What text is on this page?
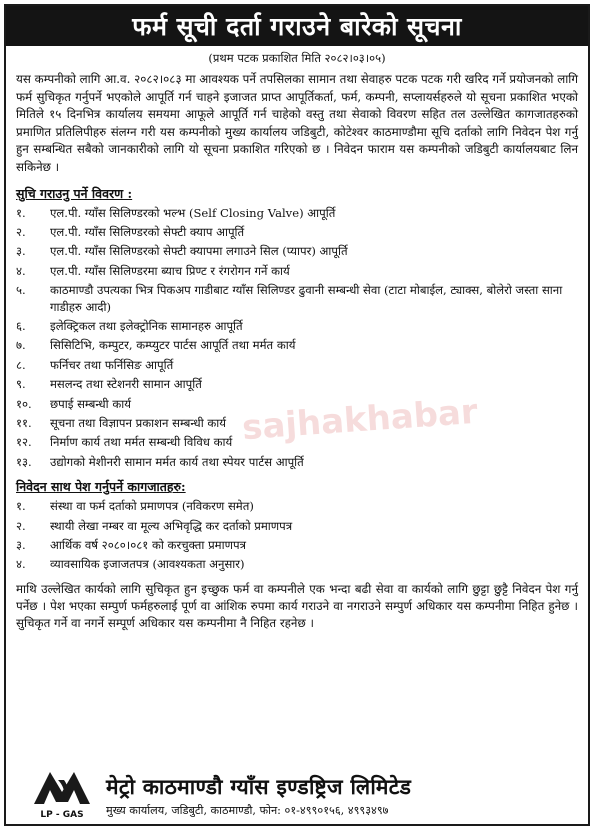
फर्म सूची दर्ता गराउने बारेको सूचना
(प्रथम पटक प्रकाशित मिति २०८२।०३।०५)

यस कम्पनीको लागि आ.व. २०८२।०८३ मा आवश्यक पर्ने तपसिलका सामान तथा सेवाहरु पटक पटक गरी खरिद गर्ने प्रयोजनको लागि फर्म सुचिकृत गर्नुपर्ने भएकोले आपूर्ति गर्न चाहने इजाजत प्राप्त आपूर्तिकर्ता, फर्म, कम्पनी, सप्लायर्सहरुले यो सूचना प्रकाशित भएको मितिले १५ दिनभित्र कार्यालय समयमा आफूले आपूर्ति गर्न चाहेको वस्तु तथा सेवाको विवरण सहित तल उल्लेखित कागजातहरुको प्रमाणित प्रतिलिपीहरु संलग्न गरी यस कम्पनीको मुख्य कार्यालय जडिबुटी, कोटेश्वर काठमाण्डौमा सूचि दर्ताको लागि निवेदन पेश गर्नु हुन सम्बन्धित सबैको जानकारीको लागि यो सूचना प्रकाशित गरिएको छ । निवेदन फाराम यस कम्पनीको जडिबुटी कार्यालयबाट लिन सकिनेछ ।

सुचि गराउनु पर्ने विवरण :
१.	एल.पी. ग्याँस सिलिण्डरको भल्भ (Self Closing Valve) आपूर्ति
२.	एल.पी. ग्याँस सिलिण्डरको सेफ्टी क्याप आपूर्ति
३.	एल.पी. ग्याँस सिलिण्डरको सेफ्टी क्यापमा लगाउने सिल (प्यापर) आपूर्ति
४.	एल.पी. ग्याँस सिलिण्डरमा ब्याच प्रिण्ट र रंगरोगन गर्ने कार्य
५.	काठमाण्डौ उपत्यका भित्र पिकअप गाडीबाट ग्याँस सिलिण्डर ढुवानी सम्बन्धी सेवा (टाटा मोबाईल, ट्याक्स, बोलेरो जस्ता साना गाडीहरु आदी)
६.	इलेक्ट्रिकल तथा इलेक्ट्रोनिक सामानहरु आपूर्ति
७.	सिसिटिभि, कम्पुटर, कम्प्युटर पार्टस आपूर्ति तथा मर्मत कार्य
८.	फर्निचर तथा फर्निसिङ आपूर्ति
९.	मसलन्द तथा स्टेशनरी सामान आपूर्ति
१०.	छपाई सम्बन्धी कार्य
११.	सूचना तथा विज्ञापन प्रकाशन सम्बन्धी कार्य
१२.	निर्माण कार्य तथा मर्मत सम्बन्धी विविध कार्य
१३.	उद्योगको मेशीनरी सामान मर्मत कार्य तथा स्पेयर पार्टस आपूर्ति
निवेदन साथ पेश गर्नुपर्ने कागजातहरु:
१.	संस्था वा फर्म दर्ताको प्रमाणपत्र (नविकरण समेत)
२.	स्थायी लेखा नम्बर वा मूल्य अभिवृद्धि कर दर्ताको प्रमाणपत्र
३.	आर्थिक वर्ष २०८०।०८१ को करचुक्ता प्रमाणपत्र
४.	व्यावसायिक इजाजतपत्र (आवश्यकता अनुसार)

माथि उल्लेखित कार्यको लागि सुचिकृत हुन इच्छुक फर्म वा कम्पनीले एक भन्दा बढी सेवा वा कार्यको लागि छुट्टा छुट्टै निवेदन पेश गर्नु पर्नेछ । पेश भएका सम्पुर्ण फर्महरुलाई पूर्ण वा आंशिक रुपमा कार्य गराउने वा नगराउने सम्पुर्ण अधिकार यस कम्पनीमा निहित हुनेछ । सुचिकृत गर्ने वा नगर्ने सम्पूर्ण अधिकार यस कम्पनीमा नै निहित रहनेछ ।

LP - GAS
मेट्रो काठमाण्डौ ग्याँस इण्डष्ट्रिज लिमिटेड
मुख्य कार्यालय, जडिबुटी, काठमाण्डौ, फोन: ०१-४९९०१५६, ४९९३४९७
sajhakhabar
